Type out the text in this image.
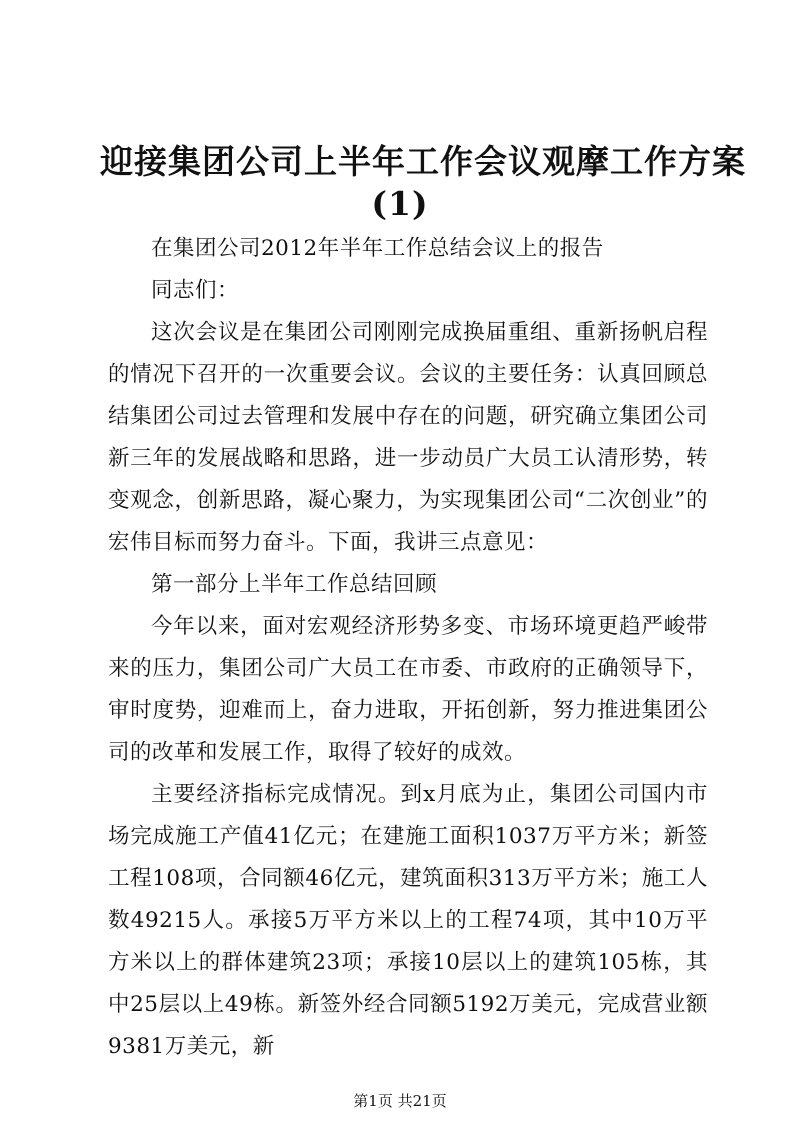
迎接集团公司上半年工作会议观摩工作方案
(1)

在集团公司2012年半年工作总结会议上的报告

同志们：

这次会议是在集团公司刚刚完成换届重组、重新扬帆启程的情况下召开的一次重要会议。会议的主要任务：认真回顾总结集团公司过去管理和发展中存在的问题，研究确立集团公司新三年的发展战略和思路，进一步动员广大员工认清形势，转变观念，创新思路，凝心聚力，为实现集团公司“二次创业”的宏伟目标而努力奋斗。下面，我讲三点意见：

第一部分上半年工作总结回顾

今年以来，面对宏观经济形势多变、市场环境更趋严峻带来的压力，集团公司广大员工在市委、市政府的正确领导下，审时度势，迎难而上，奋力进取，开拓创新，努力推进集团公司的改革和发展工作，取得了较好的成效。

主要经济指标完成情况。到x月底为止，集团公司国内市场完成施工产值41亿元；在建施工面积1037万平方米；新签工程108项，合同额46亿元，建筑面积313万平方米；施工人数49215人。承接5万平方米以上的工程74项，其中10万平方米以上的群体建筑23项；承接10层以上的建筑105栋，其中25层以上49栋。新签外经合同额5192万美元，完成营业额9381万美元，新

第1页 共21页
